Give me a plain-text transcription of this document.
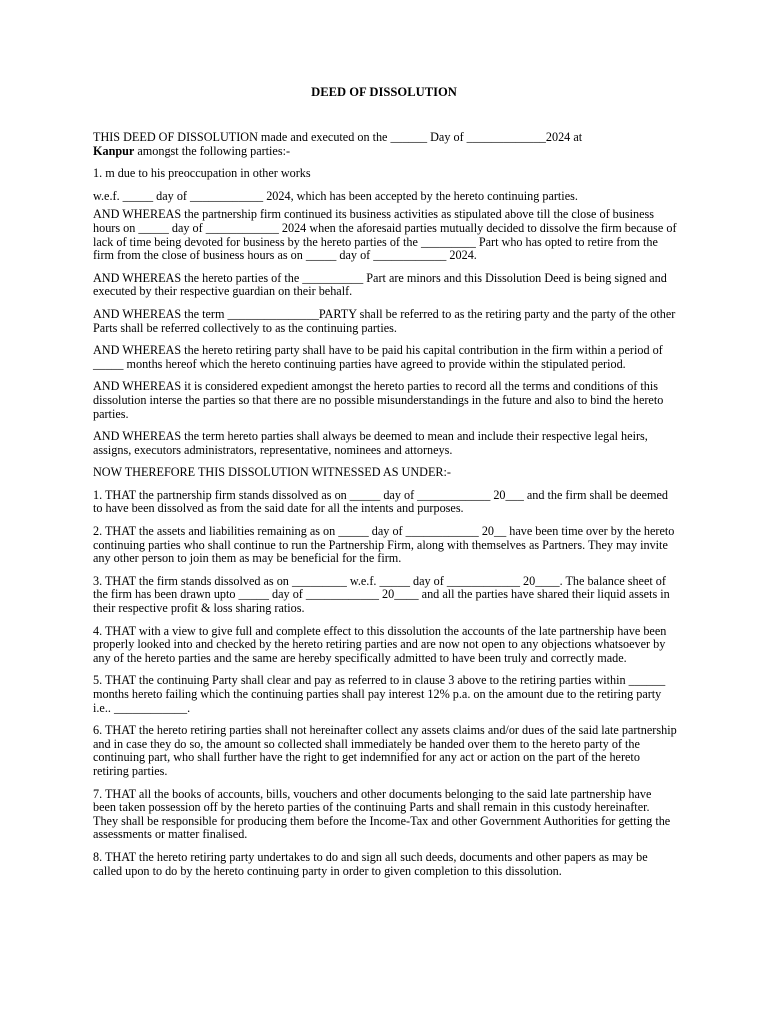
DEED OF DISSOLUTION
THIS DEED OF DISSOLUTION made and executed on the ______ Day of _____________2024 at
Kanpur amongst the following parties:-
1. m due to his preoccupation in other works
w.e.f. _____ day of ____________ 2024, which has been accepted by the hereto continuing parties.
AND WHEREAS the partnership firm continued its business activities as stipulated above till the close of business hours on _____ day of ____________ 2024 when the aforesaid parties mutually decided to dissolve the firm because of lack of time being devoted for business by the hereto parties of the _________ Part who has opted to retire from the firm from the close of business hours as on _____ day of ____________ 2024.
AND WHEREAS the hereto parties of the __________ Part are minors and this Dissolution Deed is being signed and executed by their respective guardian on their behalf.
AND WHEREAS the term _______________PARTY shall be referred to as the retiring party and the party of the other Parts shall be referred collectively to as the continuing parties.
AND WHEREAS the hereto retiring party shall have to be paid his capital contribution in the firm within a period of _____ months hereof which the hereto continuing parties have agreed to provide within the stipulated period.
AND WHEREAS it is considered expedient amongst the hereto parties to record all the terms and conditions of this dissolution interse the parties so that there are no possible misunderstandings in the future and also to bind the hereto parties.
AND WHEREAS the term hereto parties shall always be deemed to mean and include their respective legal heirs, assigns, executors administrators, representative, nominees and attorneys.
NOW THEREFORE THIS DISSOLUTION WITNESSED AS UNDER:-
1. THAT the partnership firm stands dissolved as on _____ day of ____________ 20___ and the firm shall be deemed to have been dissolved as from the said date for all the intents and purposes.
2. THAT the assets and liabilities remaining as on _____ day of ____________ 20__ have been time over by the hereto continuing parties who shall continue to run the Partnership Firm, along with themselves as Partners. They may invite any other person to join them as may be beneficial for the firm.
3. THAT the firm stands dissolved as on _________ w.e.f. _____ day of ____________ 20____. The balance sheet of the firm has been drawn upto _____ day of ____________ 20____ and all the parties have shared their liquid assets in their respective profit & loss sharing ratios.
4. THAT with a view to give full and complete effect to this dissolution the accounts of the late partnership have been properly looked into and checked by the hereto retiring parties and are now not open to any objections whatsoever by any of the hereto parties and the same are hereby specifically admitted to have been truly and correctly made.
5. THAT the continuing Party shall clear and pay as referred to in clause 3 above to the retiring parties within ______ months hereto failing which the continuing parties shall pay interest 12% p.a. on the amount due to the retiring party i.e.. ____________.
6. THAT the hereto retiring parties shall not hereinafter collect any assets claims and/or dues of the said late partnership and in case they do so, the amount so collected shall immediately be handed over them to the hereto party of the continuing part, who shall further have the right to get indemnified for any act or action on the part of the hereto retiring parties.
7. THAT all the books of accounts, bills, vouchers and other documents belonging to the said late partnership have been taken possession off by the hereto parties of the continuing Parts and shall remain in this custody hereinafter. They shall be responsible for producing them before the Income-Tax and other Government Authorities for getting the assessments or matter finalised.
8. THAT the hereto retiring party undertakes to do and sign all such deeds, documents and other papers as may be called upon to do by the hereto continuing party in order to given completion to this dissolution.
